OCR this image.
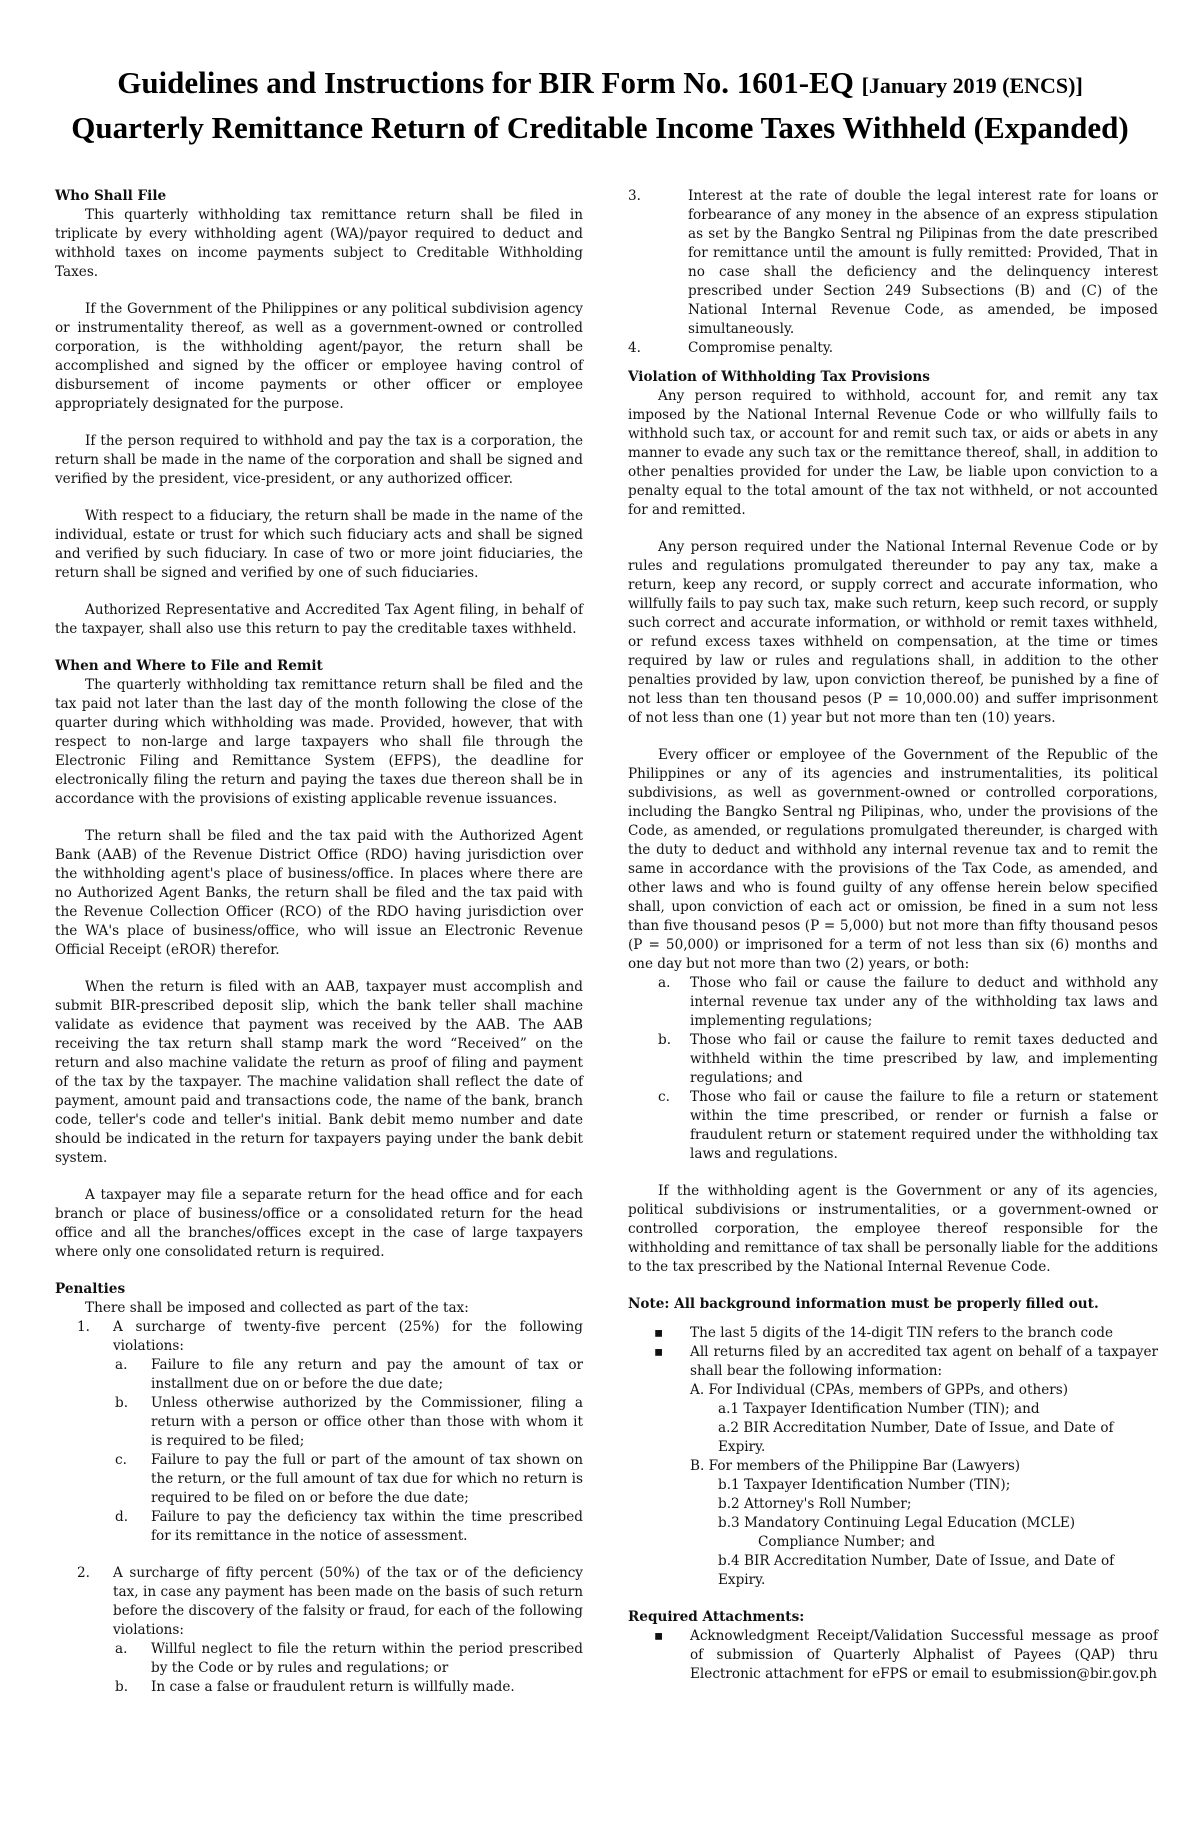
Guidelines and Instructions for BIR Form No. 1601-EQ [January 2019 (ENCS)]
Quarterly Remittance Return of Creditable Income Taxes Withheld (Expanded)
Who Shall File

This quarterly withholding tax remittance return shall be filed in triplicate by every withholding agent (WA)/payor required to deduct and withhold taxes on income payments subject to Creditable Withholding Taxes.

If the Government of the Philippines or any political subdivision agency or instrumentality thereof, as well as a government-owned or controlled corporation, is the withholding agent/payor, the return shall be accomplished and signed by the officer or employee having control of disbursement of income payments or other officer or employee appropriately designated for the purpose.

If the person required to withhold and pay the tax is a corporation, the return shall be made in the name of the corporation and shall be signed and verified by the president, vice-president, or any authorized officer.

With respect to a fiduciary, the return shall be made in the name of the individual, estate or trust for which such fiduciary acts and shall be signed and verified by such fiduciary. In case of two or more joint fiduciaries, the return shall be signed and verified by one of such fiduciaries.

Authorized Representative and Accredited Tax Agent filing, in behalf of the taxpayer, shall also use this return to pay the creditable taxes withheld.

When and Where to File and Remit

The quarterly withholding tax remittance return shall be filed and the tax paid not later than the last day of the month following the close of the quarter during which withholding was made. Provided, however, that with respect to non-large and large taxpayers who shall file through the Electronic Filing and Remittance System (EFPS), the deadline for electronically filing the return and paying the taxes due thereon shall be in accordance with the provisions of existing applicable revenue issuances.

The return shall be filed and the tax paid with the Authorized Agent Bank (AAB) of the Revenue District Office (RDO) having jurisdiction over the withholding agent's place of business/office. In places where there are no Authorized Agent Banks, the return shall be filed and the tax paid with the Revenue Collection Officer (RCO) of the RDO having jurisdiction over the WA's place of business/office, who will issue an Electronic Revenue Official Receipt (eROR) therefor.

When the return is filed with an AAB, taxpayer must accomplish and submit BIR-prescribed deposit slip, which the bank teller shall machine validate as evidence that payment was received by the AAB. The AAB receiving the tax return shall stamp mark the word “Received” on the return and also machine validate the return as proof of filing and payment of the tax by the taxpayer. The machine validation shall reflect the date of payment, amount paid and transactions code, the name of the bank, branch code, teller's code and teller's initial. Bank debit memo number and date should be indicated in the return for taxpayers paying under the bank debit system.

A taxpayer may file a separate return for the head office and for each branch or place of business/office or a consolidated return for the head office and all the branches/offices except in the case of large taxpayers where only one consolidated return is required.

Penalties

There shall be imposed and collected as part of the tax:

1.	A surcharge of twenty-five percent (25%) for the following violations:
a.	Failure to file any return and pay the amount of tax or installment due on or before the due date;
b.	Unless otherwise authorized by the Commissioner, filing a return with a person or office other than those with whom it is required to be filed;
c.	Failure to pay the full or part of the amount of tax shown on the return, or the full amount of tax due for which no return is required to be filed on or before the due date;
d.	Failure to pay the deficiency tax within the time prescribed for its remittance in the notice of assessment.
2.	A surcharge of fifty percent (50%) of the tax or of the deficiency tax, in case any payment has been made on the basis of such return before the discovery of the falsity or fraud, for each of the following violations:
a.	Willful neglect to file the return within the period prescribed by the Code or by rules and regulations; or
b.	In case a false or fraudulent return is willfully made.
3.	Interest at the rate of double the legal interest rate for loans or forbearance of any money in the absence of an express stipulation as set by the Bangko Sentral ng Pilipinas from the date prescribed for remittance until the amount is fully remitted: Provided, That in no case shall the deficiency and the delinquency interest prescribed under Section 249 Subsections (B) and (C) of the National Internal Revenue Code, as amended, be imposed simultaneously.
4.	Compromise penalty.
Violation of Withholding Tax Provisions

Any person required to withhold, account for, and remit any tax imposed by the National Internal Revenue Code or who willfully fails to withhold such tax, or account for and remit such tax, or aids or abets in any manner to evade any such tax or the remittance thereof, shall, in addition to other penalties provided for under the Law, be liable upon conviction to a penalty equal to the total amount of the tax not withheld, or not accounted for and remitted.

Any person required under the National Internal Revenue Code or by rules and regulations promulgated thereunder to pay any tax, make a return, keep any record, or supply correct and accurate information, who willfully fails to pay such tax, make such return, keep such record, or supply such correct and accurate information, or withhold or remit taxes withheld, or refund excess taxes withheld on compensation, at the time or times required by law or rules and regulations shall, in addition to the other penalties provided by law, upon conviction thereof, be punished by a fine of not less than ten thousand pesos (P = 10,000.00) and suffer imprisonment of not less than one (1) year but not more than ten (10) years.

Every officer or employee of the Government of the Republic of the Philippines or any of its agencies and instrumentalities, its political subdivisions, as well as government-owned or controlled corporations, including the Bangko Sentral ng Pilipinas, who, under the provisions of the Code, as amended, or regulations promulgated thereunder, is charged with the duty to deduct and withhold any internal revenue tax and to remit the same in accordance with the provisions of the Tax Code, as amended, and other laws and who is found guilty of any offense herein below specified shall, upon conviction of each act or omission, be fined in a sum not less than five thousand pesos (P = 5,000) but not more than fifty thousand pesos (P = 50,000) or imprisoned for a term of not less than six (6) months and one day but not more than two (2) years, or both:

a.	Those who fail or cause the failure to deduct and withhold any internal revenue tax under any of the withholding tax laws and implementing regulations;
b.	Those who fail or cause the failure to remit taxes deducted and withheld within the time prescribed by law, and implementing regulations; and
c.	Those who fail or cause the failure to file a return or statement within the time prescribed, or render or furnish a false or fraudulent return or statement required under the withholding tax laws and regulations.

If the withholding agent is the Government or any of its agencies, political subdivisions or instrumentalities, or a government-owned or controlled corporation, the employee thereof responsible for the withholding and remittance of tax shall be personally liable for the additions to the tax prescribed by the National Internal Revenue Code.

Note: All background information must be properly filled out.
▪	The last 5 digits of the 14-digit TIN refers to the branch code
▪	All returns filed by an accredited tax agent on behalf of a taxpayer shall bear the following information:
A. For Individual (CPAs, members of GPPs, and others)
a.1 Taxpayer Identification Number (TIN); and
a.2 BIR Accreditation Number, Date of Issue, and Date of Expiry.
B. For members of the Philippine Bar (Lawyers)
b.1 Taxpayer Identification Number (TIN);
b.2 Attorney's Roll Number;
b.3 Mandatory Continuing Legal Education (MCLE)
Compliance Number; and
b.4 BIR Accreditation Number, Date of Issue, and Date of Expiry.
Required Attachments:
▪	Acknowledgment Receipt/Validation Successful message as proof of submission of Quarterly Alphalist of Payees (QAP) thru Electronic attachment for eFPS or email to esubmission@bir.gov.ph
